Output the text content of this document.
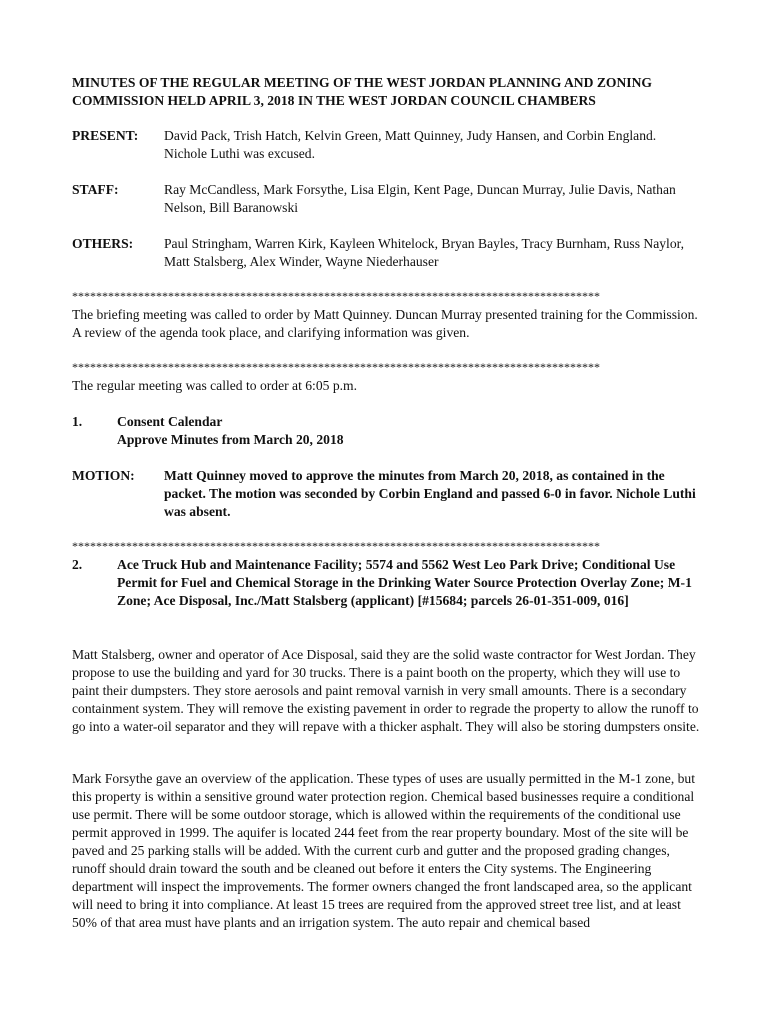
MINUTES OF THE REGULAR MEETING OF THE WEST JORDAN PLANNING AND ZONING
COMMISSION HELD APRIL 3, 2018 IN THE WEST JORDAN COUNCIL CHAMBERS
PRESENT:	David Pack, Trish Hatch, Kelvin Green, Matt Quinney, Judy Hansen, and Corbin England. Nichole Luthi was excused.
STAFF:	Ray McCandless, Mark Forsythe, Lisa Elgin, Kent Page, Duncan Murray, Julie Davis, Nathan Nelson, Bill Baranowski
OTHERS:	Paul Stringham, Warren Kirk, Kayleen Whitelock, Bryan Bayles, Tracy Burnham, Russ Naylor, Matt Stalsberg, Alex Winder, Wayne Niederhauser
****************************************************************************************
The briefing meeting was called to order by Matt Quinney. Duncan Murray presented training for the Commission. A review of the agenda took place, and clarifying information was given.
****************************************************************************************
The regular meeting was called to order at 6:05 p.m.
1.	Consent Calendar
Approve Minutes from March 20, 2018
MOTION:	Matt Quinney moved to approve the minutes from March 20, 2018, as contained in the packet. The motion was seconded by Corbin England and passed 6-0 in favor. Nichole Luthi was absent.
****************************************************************************************
2.	Ace Truck Hub and Maintenance Facility; 5574 and 5562 West Leo Park Drive; Conditional Use Permit for Fuel and Chemical Storage in the Drinking Water Source Protection Overlay Zone; M-1 Zone; Ace Disposal, Inc./Matt Stalsberg (applicant) [#15684; parcels 26-01-351-009, 016]
Matt Stalsberg, owner and operator of Ace Disposal, said they are the solid waste contractor for West Jordan. They propose to use the building and yard for 30 trucks. There is a paint booth on the property, which they will use to paint their dumpsters. They store aerosols and paint removal varnish in very small amounts. There is a secondary containment system. They will remove the existing pavement in order to regrade the property to allow the runoff to go into a water-oil separator and they will repave with a thicker asphalt. They will also be storing dumpsters onsite.
Mark Forsythe gave an overview of the application. These types of uses are usually permitted in the M-1 zone, but this property is within a sensitive ground water protection region. Chemical based businesses require a conditional use permit. There will be some outdoor storage, which is allowed within the requirements of the conditional use permit approved in 1999. The aquifer is located 244 feet from the rear property boundary. Most of the site will be paved and 25 parking stalls will be added. With the current curb and gutter and the proposed grading changes, runoff should drain toward the south and be cleaned out before it enters the City systems. The Engineering department will inspect the improvements. The former owners changed the front landscaped area, so the applicant will need to bring it into compliance. At least 15 trees are required from the approved street tree list, and at least 50% of that area must have plants and an irrigation system. The auto repair and chemical based
